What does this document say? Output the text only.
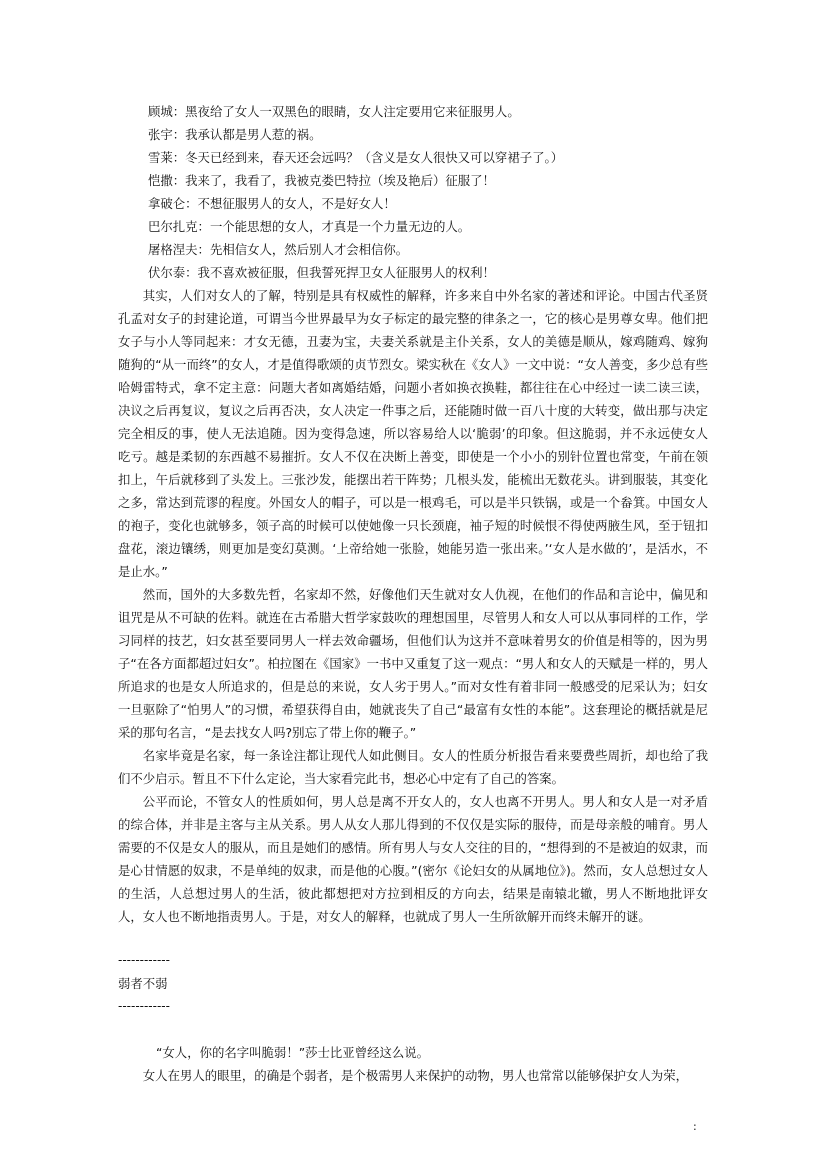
顾城：黑夜给了女人一双黑色的眼睛，女人注定要用它来征服男人。
张宇：我承认都是男人惹的祸。
雪莱：冬天已经到来，春天还会远吗？（含义是女人很快又可以穿裙子了。）
恺撒：我来了，我看了，我被克娄巴特拉（埃及艳后）征服了！
拿破仑：不想征服男人的女人，不是好女人！
巴尔扎克：一个能思想的女人，才真是一个力量无边的人。
屠格涅夫：先相信女人，然后别人才会相信你。
伏尔泰：我不喜欢被征服，但我誓死捍卫女人征服男人的权利！

其实，人们对女人的了解，特别是具有权威性的解释，许多来自中外名家的著述和评论。中国古代圣贤孔孟对女子的封建论道，可谓当今世界最早为女子标定的最完整的律条之一，它的核心是男尊女卑。他们把女子与小人等同起来：才女无德，丑妻为宝，夫妻关系就是主仆关系，女人的美德是顺从，嫁鸡随鸡、嫁狗随狗的“从一而终”的女人，才是值得歌颂的贞节烈女。梁实秋在《女人》一文中说：“女人善变，多少总有些哈姆雷特式，拿不定主意：问题大者如离婚结婚，问题小者如换衣换鞋，都往往在心中经过一读二读三读，决议之后再复议，复议之后再否决，女人决定一件事之后，还能随时做一百八十度的大转变，做出那与决定完全相反的事，使人无法追随。因为变得急速，所以容易给人以‘脆弱’的印象。但这脆弱，并不永远使女人吃亏。越是柔韧的东西越不易摧折。女人不仅在决断上善变，即使是一个小小的别针位置也常变，午前在领扣上，午后就移到了头发上。三张沙发，能摆出若干阵势；几根头发，能梳出无数花头。讲到服装，其变化之多，常达到荒谬的程度。外国女人的帽子，可以是一根鸡毛，可以是半只铁锅，或是一个畚箕。中国女人的袍子，变化也就够多，领子高的时候可以使她像一只长颈鹿，袖子短的时候恨不得使两腋生风，至于钮扣盘花，滚边镶绣，则更加是变幻莫测。‘上帝给她一张脸，她能另造一张出来。’‘女人是水做的’，是活水，不是止水。”

然而，国外的大多数先哲，名家却不然，好像他们天生就对女人仇视，在他们的作品和言论中，偏见和诅咒是从不可缺的佐料。就连在古希腊大哲学家鼓吹的理想国里，尽管男人和女人可以从事同样的工作，学习同样的技艺，妇女甚至要同男人一样去效命疆场，但他们认为这并不意味着男女的价值是相等的，因为男子“在各方面都超过妇女”。柏拉图在《国家》一书中又重复了这一观点：“男人和女人的天赋是一样的，男人所追求的也是女人所追求的，但是总的来说，女人劣于男人。”而对女性有着非同一般感受的尼采认为；妇女一旦驱除了“怕男人”的习惯，希望获得自由，她就丧失了自己“最富有女性的本能”。这套理论的概括就是尼采的那句名言，“是去找女人吗?别忘了带上你的鞭子。”

名家毕竟是名家，每一条诠注都让现代人如此侧目。女人的性质分析报告看来要费些周折，却也给了我们不少启示。暂且不下什么定论，当大家看完此书，想必心中定有了自己的答案。

公平而论，不管女人的性质如何，男人总是离不开女人的，女人也离不开男人。男人和女人是一对矛盾的综合体，并非是主客与主从关系。男人从女人那儿得到的不仅仅是实际的服侍，而是母亲般的哺育。男人需要的不仅是女人的服从，而且是她们的感情。所有男人与女人交往的目的，“想得到的不是被迫的奴隶，而是心甘情愿的奴隶，不是单纯的奴隶，而是他的心腹。”(密尔《论妇女的从属地位》)。然而，女人总想过女人的生活，人总想过男人的生活，彼此都想把对方拉到相反的方向去，结果是南辕北辙，男人不断地批评女人，女人也不断地指责男人。于是，对女人的解释，也就成了男人一生所欲解开而终未解开的谜。

------------

弱者不弱

------------

“女人，你的名字叫脆弱！”莎士比亚曾经这么说。

女人在男人的眼里，的确是个弱者，是个极需男人来保护的动物，男人也常常以能够保护女人为荣，

:
